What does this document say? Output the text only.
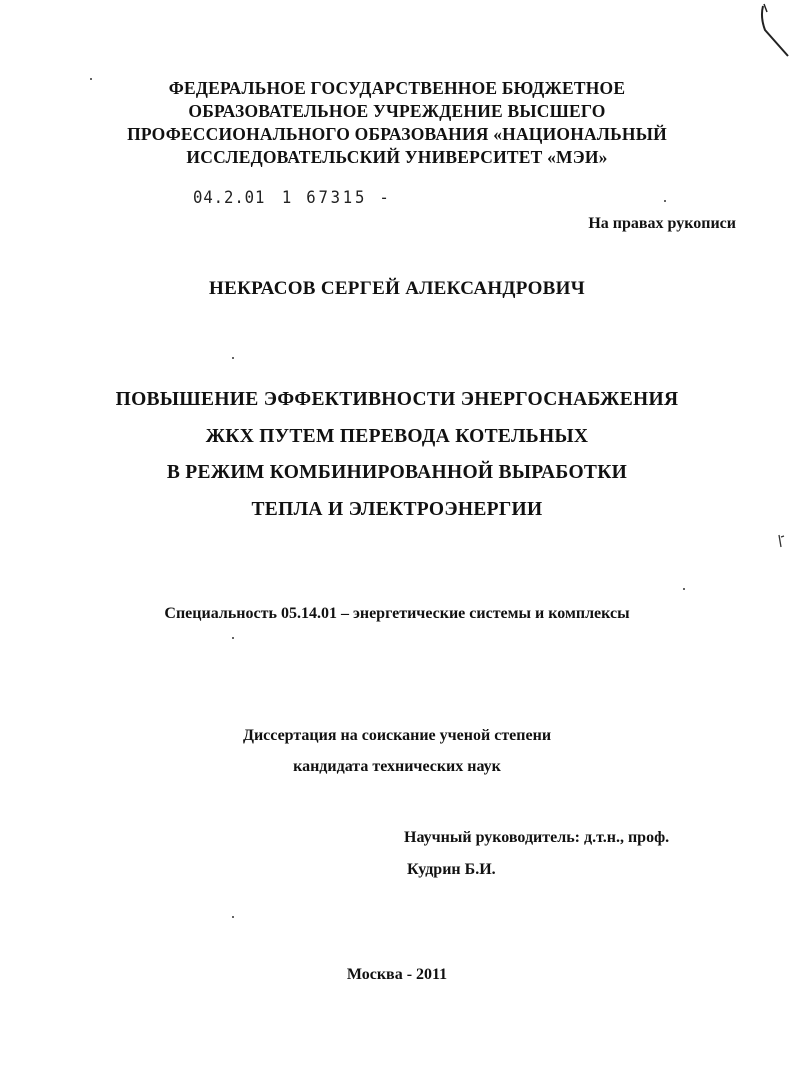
ФЕДЕРАЛЬНОЕ ГОСУДАРСТВЕННОЕ БЮДЖЕТНОЕ
ОБРАЗОВАТЕЛЬНОЕ УЧРЕЖДЕНИЕ ВЫСШЕГО
ПРОФЕССИОНАЛЬНОГО ОБРАЗОВАНИЯ «НАЦИОНАЛЬНЫЙ
ИССЛЕДОВАТЕЛЬСКИЙ УНИВЕРСИТЕТ «МЭИ»
04.2.01 1 67315 -
На правах рукописи
НЕКРАСОВ СЕРГЕЙ АЛЕКСАНДРОВИЧ
ПОВЫШЕНИЕ ЭФФЕКТИВНОСТИ ЭНЕРГОСНАБЖЕНИЯ
ЖКХ ПУТЕМ ПЕРЕВОДА КОТЕЛЬНЫХ
В РЕЖИМ КОМБИНИРОВАННОЙ ВЫРАБОТКИ
ТЕПЛА И ЭЛЕКТРОЭНЕРГИИ
Специальность 05.14.01 – энергетические системы и комплексы
Диссертация на соискание ученой степени
кандидата технических наук
Научный руководитель: д.т.н., проф.
Кудрин Б.И.
Москва - 2011
